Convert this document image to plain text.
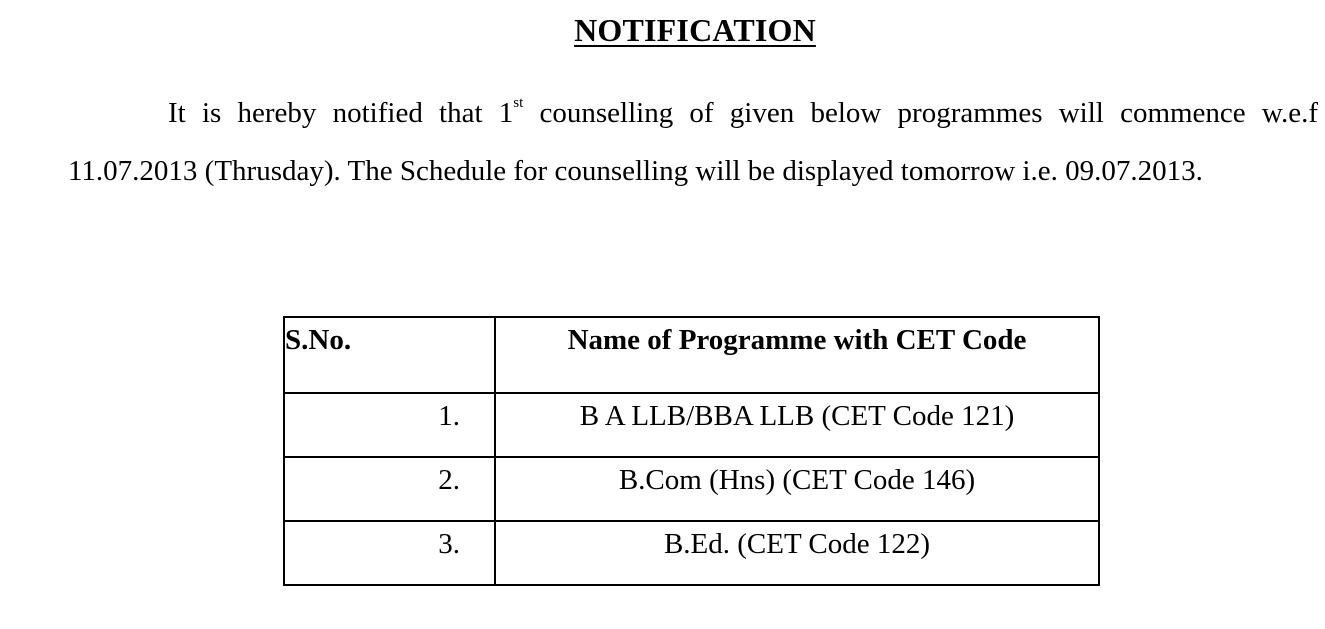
NOTIFICATION

It is hereby notified that 1st counselling of given below programmes will commence w.e.f 11.07.2013 (Thrusday). The Schedule for counselling will be displayed tomorrow i.e. 09.07.2013.

S.No.	Name of Programme with CET Code
1.	B A LLB/BBA LLB (CET Code 121)
2.	B.Com (Hns) (CET Code 146)
3.	B.Ed. (CET Code 122)
